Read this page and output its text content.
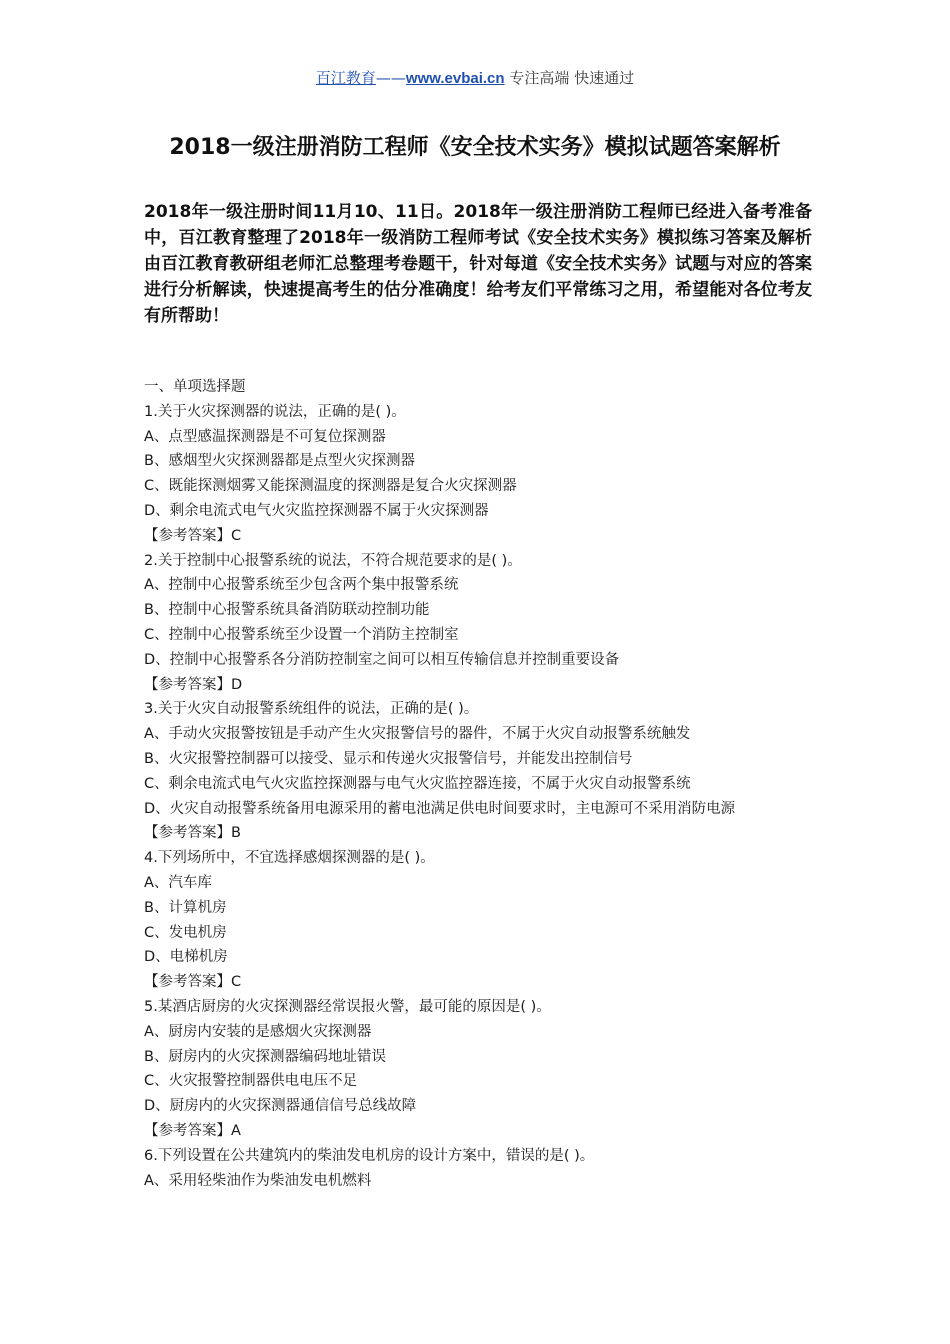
百江教育——www.evbai.cn 专注高端 快速通过
2018一级注册消防工程师《安全技术实务》模拟试题答案解析
2018年一级注册时间11月10、11日。2018年一级注册消防工程师已经进入备考准备中，百江教育整理了2018年一级消防工程师考试《安全技术实务》模拟练习答案及解析由百江教育教研组老师汇总整理考卷题干，针对每道《安全技术实务》试题与对应的答案进行分析解读，快速提高考生的估分准确度！给考友们平常练习之用，希望能对各位考友有所帮助！
一、单项选择题
1.关于火灾探测器的说法，正确的是( )。
A、点型感温探测器是不可复位探测器
B、感烟型火灾探测器都是点型火灾探测器
C、既能探测烟雾又能探测温度的探测器是复合火灾探测器
D、剩余电流式电气火灾监控探测器不属于火灾探测器
【参考答案】C
2.关于控制中心报警系统的说法，不符合规范要求的是( )。
A、控制中心报警系统至少包含两个集中报警系统
B、控制中心报警系统具备消防联动控制功能
C、控制中心报警系统至少设置一个消防主控制室
D、控制中心报警系各分消防控制室之间可以相互传输信息并控制重要设备
【参考答案】D
3.关于火灾自动报警系统组件的说法，正确的是( )。
A、手动火灾报警按钮是手动产生火灾报警信号的器件，不属于火灾自动报警系统触发
B、火灾报警控制器可以接受、显示和传递火灾报警信号，并能发出控制信号
C、剩余电流式电气火灾监控探测器与电气火灾监控器连接，不属于火灾自动报警系统
D、火灾自动报警系统备用电源采用的蓄电池满足供电时间要求时，主电源可不采用消防电源
【参考答案】B
4.下列场所中，不宜选择感烟探测器的是( )。
A、汽车库
B、计算机房
C、发电机房
D、电梯机房
【参考答案】C
5.某酒店厨房的火灾探测器经常误报火警，最可能的原因是( )。
A、厨房内安装的是感烟火灾探测器
B、厨房内的火灾探测器编码地址错误
C、火灾报警控制器供电电压不足
D、厨房内的火灾探测器通信信号总线故障
【参考答案】A
6.下列设置在公共建筑内的柴油发电机房的设计方案中，错误的是( )。
A、采用轻柴油作为柴油发电机燃料
